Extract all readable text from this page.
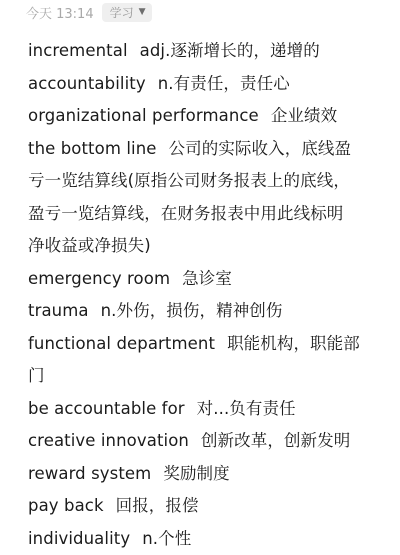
今天 13:14 学习 ▼
incremental adj.逐渐增长的，递增的
accountability n.有责任，责任心
organizational performance 企业绩效
the bottom line 公司的实际收入，底线盈
亏一览结算线(原指公司财务报表上的底线，
盈亏一览结算线，在财务报表中用此线标明
净收益或净损失)
emergency room 急诊室
trauma n.外伤，损伤，精神创伤
functional department 职能机构，职能部
门
be accountable for 对...负有责任
creative innovation 创新改革，创新发明
reward system 奖励制度
pay back 回报，报偿
individuality n.个性
